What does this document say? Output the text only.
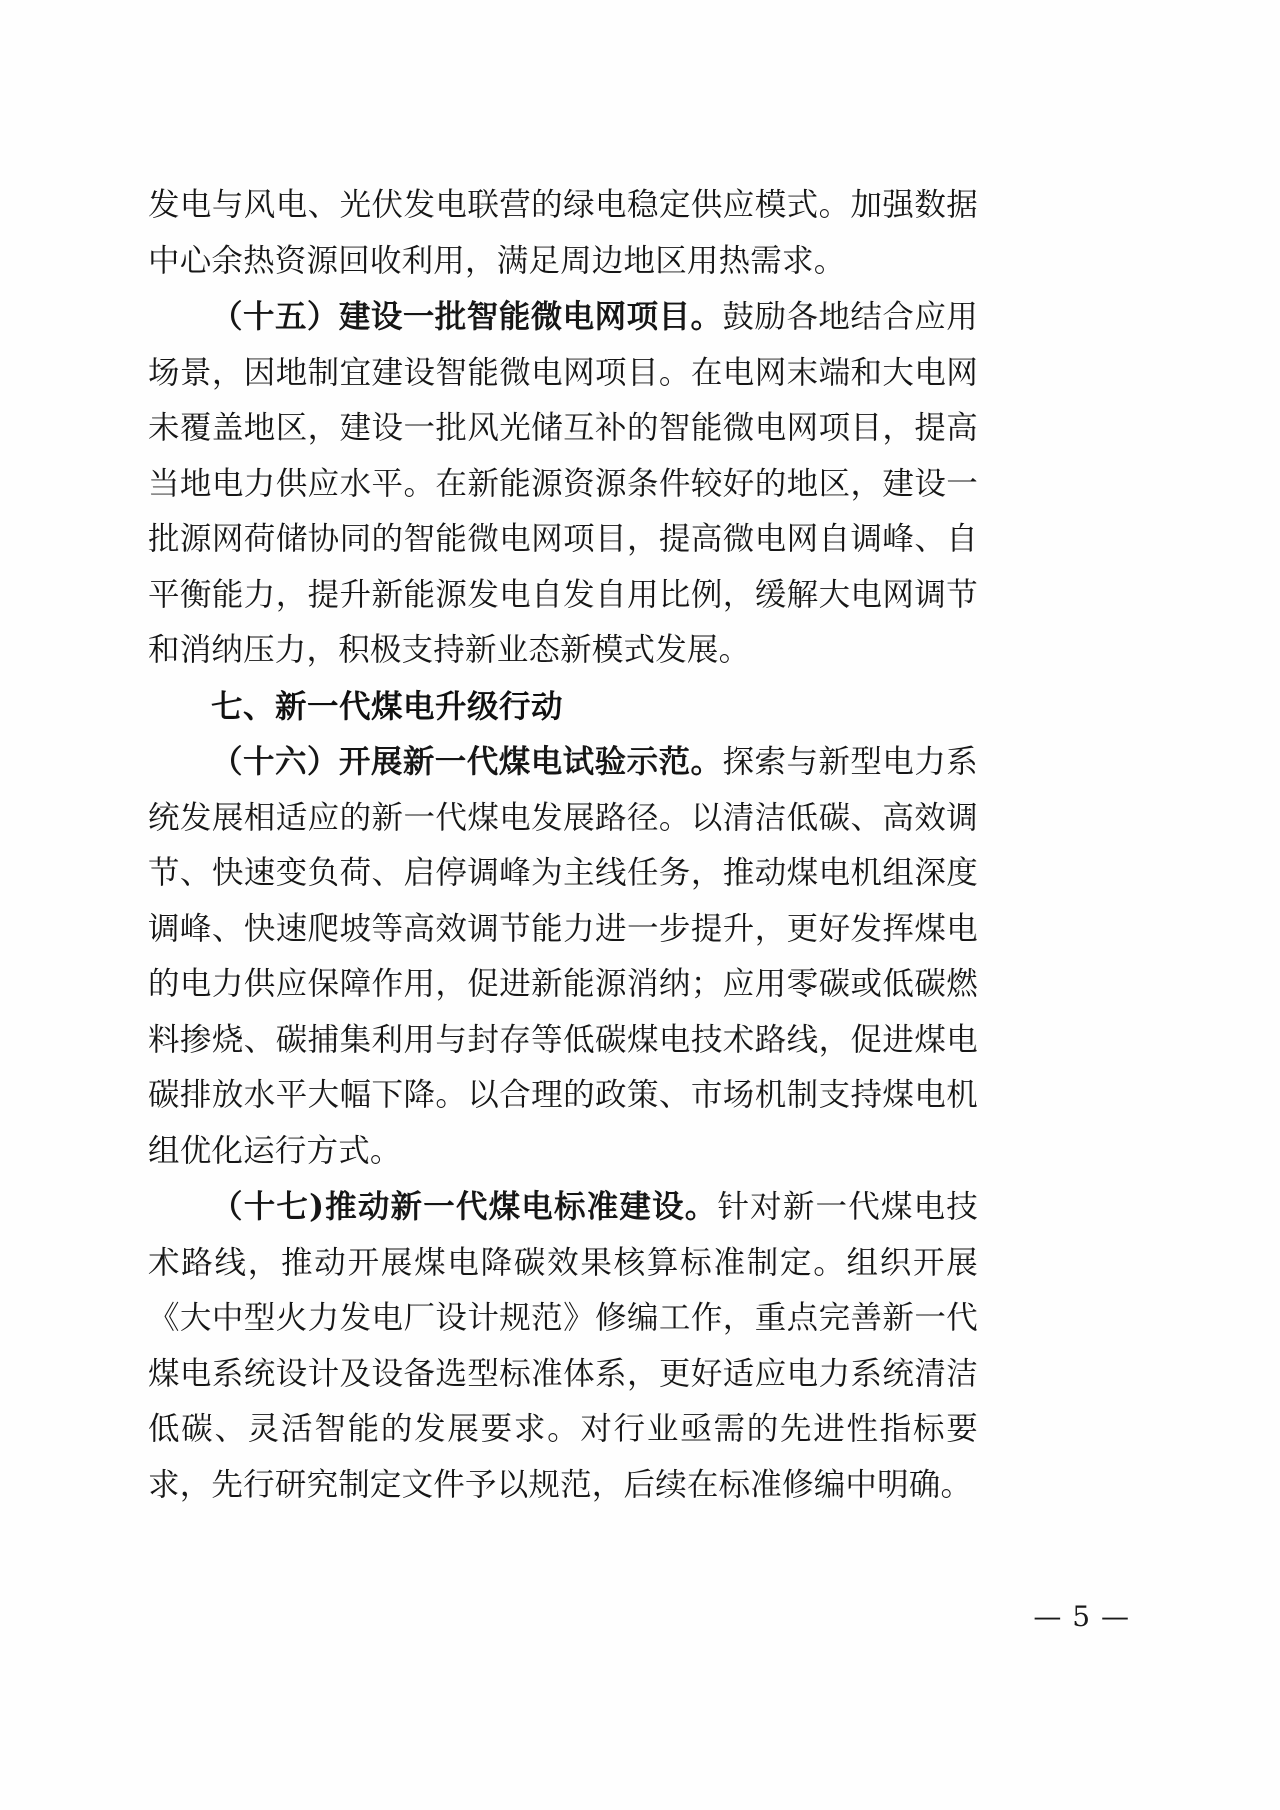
发电与风电、光伏发电联营的绿电稳定供应模式。加强数据中心余热资源回收利用，满足周边地区用热需求。

（十五）建设一批智能微电网项目。鼓励各地结合应用场景，因地制宜建设智能微电网项目。在电网末端和大电网未覆盖地区，建设一批风光储互补的智能微电网项目，提高当地电力供应水平。在新能源资源条件较好的地区，建设一批源网荷储协同的智能微电网项目，提高微电网自调峰、自平衡能力，提升新能源发电自发自用比例，缓解大电网调节和消纳压力，积极支持新业态新模式发展。

七、新一代煤电升级行动

（十六）开展新一代煤电试验示范。探索与新型电力系统发展相适应的新一代煤电发展路径。以清洁低碳、高效调节、快速变负荷、启停调峰为主线任务，推动煤电机组深度调峰、快速爬坡等高效调节能力进一步提升，更好发挥煤电的电力供应保障作用，促进新能源消纳；应用零碳或低碳燃料掺烧、碳捕集利用与封存等低碳煤电技术路线，促进煤电碳排放水平大幅下降。以合理的政策、市场机制支持煤电机组优化运行方式。

（十七)推动新一代煤电标准建设。针对新一代煤电技术路线，推动开展煤电降碳效果核算标准制定。组织开展《大中型火力发电厂设计规范》修编工作，重点完善新一代煤电系统设计及设备选型标准体系，更好适应电力系统清洁低碳、灵活智能的发展要求。对行业亟需的先进性指标要求，先行研究制定文件予以规范，后续在标准修编中明确。

— 5 —
